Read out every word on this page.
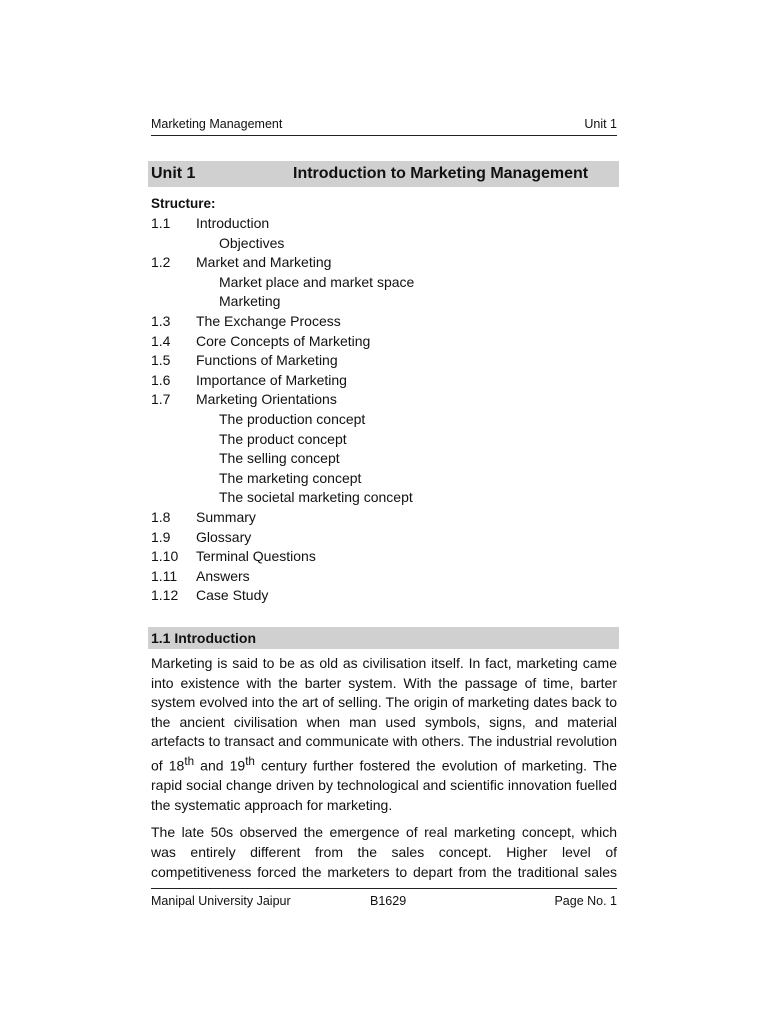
Marketing Management	Unit 1
Unit 1	Introduction to Marketing Management
Structure:
1.1 Introduction
Objectives
1.2 Market and Marketing
Market place and market space
Marketing
1.3 The Exchange Process
1.4 Core Concepts of Marketing
1.5 Functions of Marketing
1.6 Importance of Marketing
1.7 Marketing Orientations
The production concept
The product concept
The selling concept
The marketing concept
The societal marketing concept
1.8 Summary
1.9 Glossary
1.10 Terminal Questions
1.11 Answers
1.12 Case Study
1.1 Introduction

Marketing is said to be as old as civilisation itself. In fact, marketing came into existence with the barter system. With the passage of time, barter system evolved into the art of selling. The origin of marketing dates back to the ancient civilisation when man used symbols, signs, and material artefacts to transact and communicate with others. The industrial revolution of 18th and 19th century further fostered the evolution of marketing. The rapid social change driven by technological and scientific innovation fuelled the systematic approach for marketing.

The late 50s observed the emergence of real marketing concept, which was entirely different from the sales concept. Higher level of competitiveness forced the marketers to depart from the traditional sales

Manipal University Jaipur	B1629	Page No. 1
